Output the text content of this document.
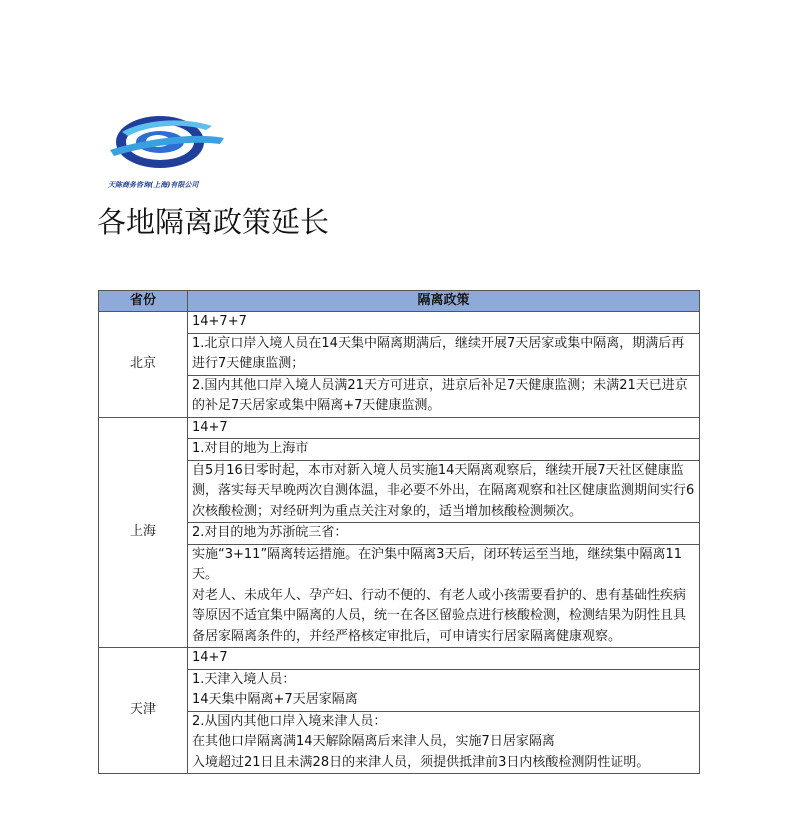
天陈商务咨询(上海)有限公司
各地隔离政策延长
省份	隔离政策
北京	14+7+7
	1.北京口岸入境人员在14天集中隔离期满后，继续开展7天居家或集中隔离，期满后再进行7天健康监测；
	2.国内其他口岸入境人员满21天方可进京，进京后补足7天健康监测；未满21天已进京的补足7天居家或集中隔离+7天健康监测。
上海	14+7
	1.对目的地为上海市
	自5月16日零时起，本市对新入境人员实施14天隔离观察后，继续开展7天社区健康监测，落实每天早晚两次自测体温，非必要不外出，在隔离观察和社区健康监测期间实行6次核酸检测；对经研判为重点关注对象的，适当增加核酸检测频次。
	2.对目的地为苏浙皖三省：

	实施“3+11”隔离转运措施。在沪集中隔离3天后，闭环转运至当地，继续集中隔离11天。
对老人、未成年人、孕产妇、行动不便的、有老人或小孩需要看护的、患有基础性疾病等原因不适宜集中隔离的人员，统一在各区留验点进行核酸检测，检测结果为阴性且具备居家隔离条件的，并经严格核定审批后，可申请实行居家隔离健康观察。

天津	14+7
	1.天津入境人员：
	14天集中隔离+7天居家隔离

	2.从国内其他口岸入境来津人员：
在其他口岸隔离满14天解除隔离后来津人员，实施7日居家隔离
入境超过21日且未满28日的来津人员，须提供抵津前3日内核酸检测阴性证明。
